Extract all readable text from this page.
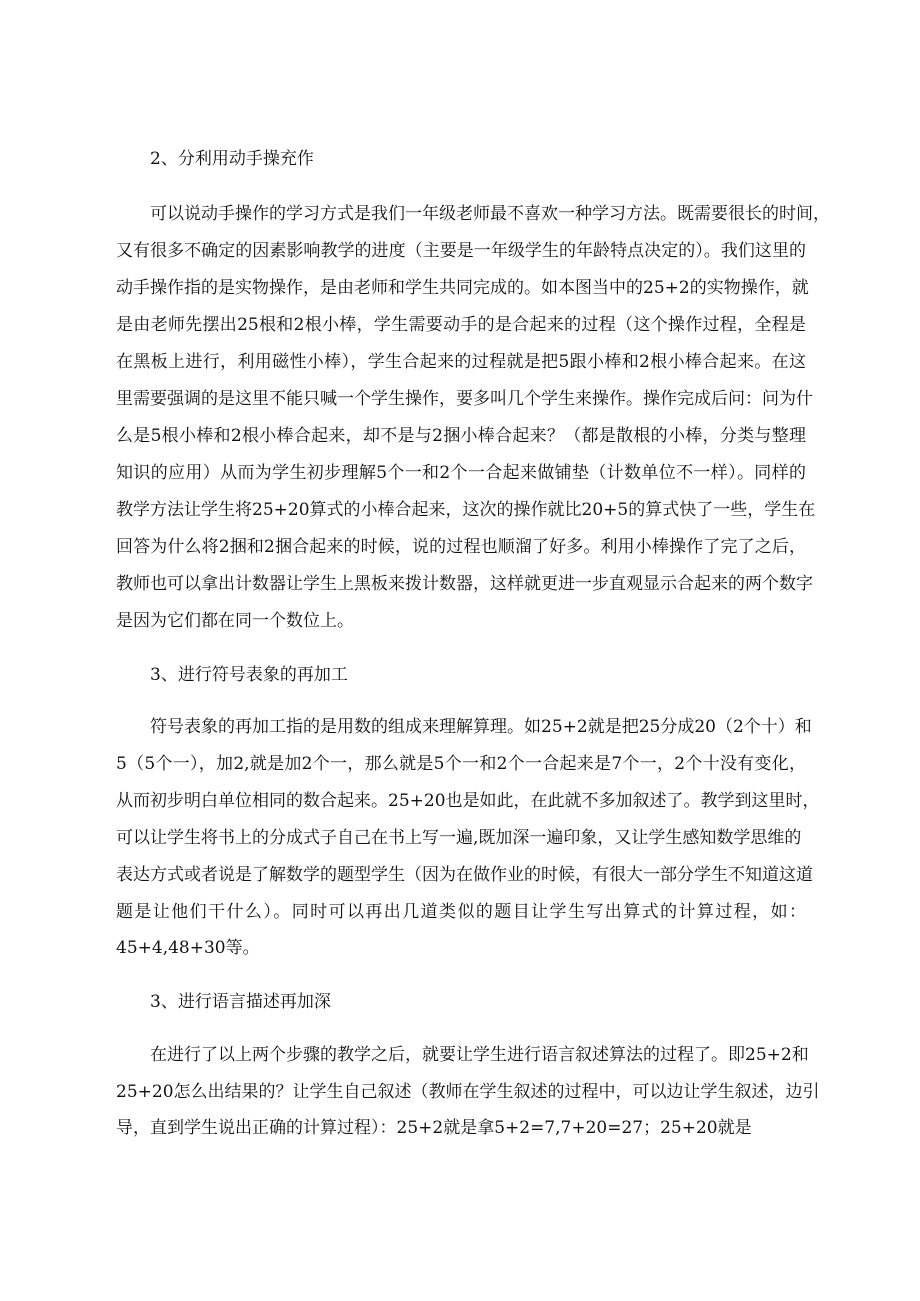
2、分利用动手操充作
可以说动手操作的学习方式是我们一年级老师最不喜欢一种学习方法。既需要很长的时间，
又有很多不确定的因素影响教学的进度（主要是一年级学生的年龄特点决定的）。我们这里的
动手操作指的是实物操作，是由老师和学生共同完成的。如本图当中的25+2的实物操作，就
是由老师先摆出25根和2根小棒，学生需要动手的是合起来的过程（这个操作过程，全程是
在黑板上进行，利用磁性小棒），学生合起来的过程就是把5跟小棒和2根小棒合起来。在这
里需要强调的是这里不能只喊一个学生操作，要多叫几个学生来操作。操作完成后问：问为什
么是5根小棒和2根小棒合起来，却不是与2捆小棒合起来？（都是散根的小棒，分类与整理
知识的应用）从而为学生初步理解5个一和2个一合起来做铺垫（计数单位不一样）。同样的
教学方法让学生将25+20算式的小棒合起来，这次的操作就比20+5的算式快了一些，学生在
回答为什么将2捆和2捆合起来的时候，说的过程也顺溜了好多。利用小棒操作了完了之后，
教师也可以拿出计数器让学生上黑板来拨计数器，这样就更进一步直观显示合起来的两个数字
是因为它们都在同一个数位上。
3、进行符号表象的再加工
符号表象的再加工指的是用数的组成来理解算理。如25+2就是把25分成20（2个十）和
5（5个一），加2,就是加2个一，那么就是5个一和2个一合起来是7个一，2个十没有变化，
从而初步明白单位相同的数合起来。25+20也是如此，在此就不多加叙述了。教学到这里时，
可以让学生将书上的分成式子自己在书上写一遍,既加深一遍印象，又让学生感知数学思维的
表达方式或者说是了解数学的题型学生（因为在做作业的时候，有很大一部分学生不知道这道
题是让他们干什么）。同时可以再出几道类似的题目让学生写出算式的计算过程，如：
45+4,48+30等。
3、进行语言描述再加深
在进行了以上两个步骤的教学之后，就要让学生进行语言叙述算法的过程了。即25+2和
25+20怎么出结果的？让学生自己叙述（教师在学生叙述的过程中，可以边让学生叙述，边引
导，直到学生说出正确的计算过程）：25+2就是拿5+2=7,7+20=27；25+20就是
